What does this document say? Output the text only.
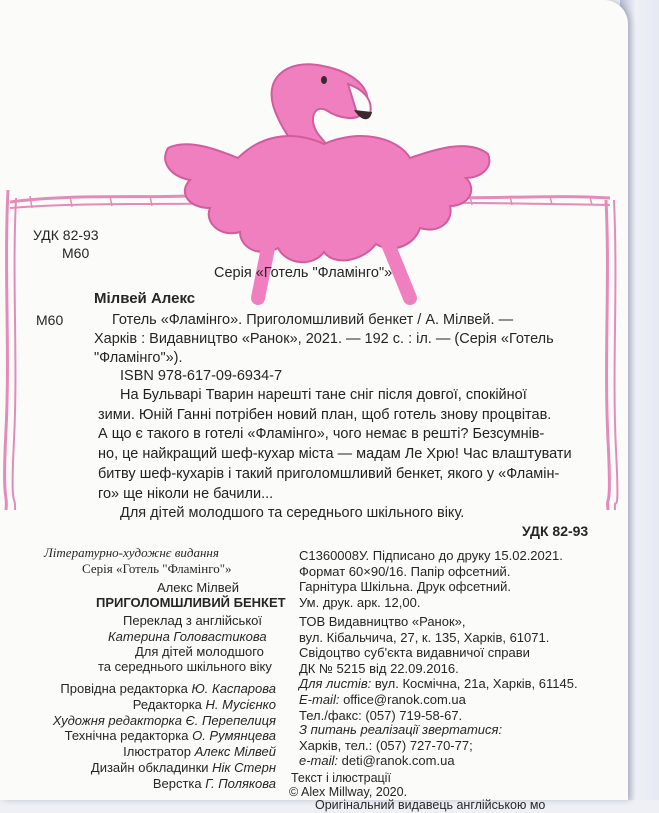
Серія «Готель "Фламінго"»
УДК 82-93
М60
Мілвей Алекс
М60	Готель «Фламінго». Приголомшливий бенкет / А. Мілвей. —
Харків : Видавництво «Ранок», 2021. — 192 с. : іл. — (Серія «Готель
"Фламінго"»).
ISBN 978-617-09-6934-7

На Бульварі Тварин нарешті тане сніг після довгої, спокійної

зими. Юній Ганні потрібен новий план, щоб готель знову процвітав.

А що є такого в готелі «Фламінго», чого немає в решті? Безсумнів-

но, це найкращий шеф-кухар міста — мадам Ле Хрю! Час влаштувати

битву шеф-кухарів і такий приголомшливий бенкет, якого у «Фламін-

го» ще ніколи не бачили...

Для дітей молодшого та середнього шкільного віку.
УДК 82-93
Літературно-художнє видання
Серія «Готель "Фламінго"»
Алекс Мілвей
ПРИГОЛОМШЛИВИЙ БЕНКЕТ
Переклад з англійської
Катерина Головастикова
Для дітей молодшого
та середнього шкільного віку
Провідна редакторка Ю. Каспарова
Редакторка Н. Мусієнко
Художня редакторка Є. Перепелиця
Технічна редакторка О. Румянцева
Ілюстратор Алекс Мілвей
Дизайн обкладинки Нік Стерн
Верстка Г. Полякова
С1360008У. Підписано до друку 15.02.2021.
Формат 60×90/16. Папір офсетний.
Гарнітура Шкільна. Друк офсетний.
Ум. друк. арк. 12,00.
ТОВ Видавництво «Ранок»,
вул. Кібальчича, 27, к. 135, Харків, 61071.
Свідоцтво суб'єкта видавничої справи
ДК № 5215 від 22.09.2016.
Для листів: вул. Космічна, 21а, Харків, 61145.
E-mail: office@ranok.com.ua
Тел./факс: (057) 719-58-67.
З питань реалізації звертатися:
Харків, тел.: (057) 727-70-77;
e-mail: deti@ranok.com.ua
Текст і ілюстрації
© Alex Millway, 2020.
Оригінальний видавець англійською мо
